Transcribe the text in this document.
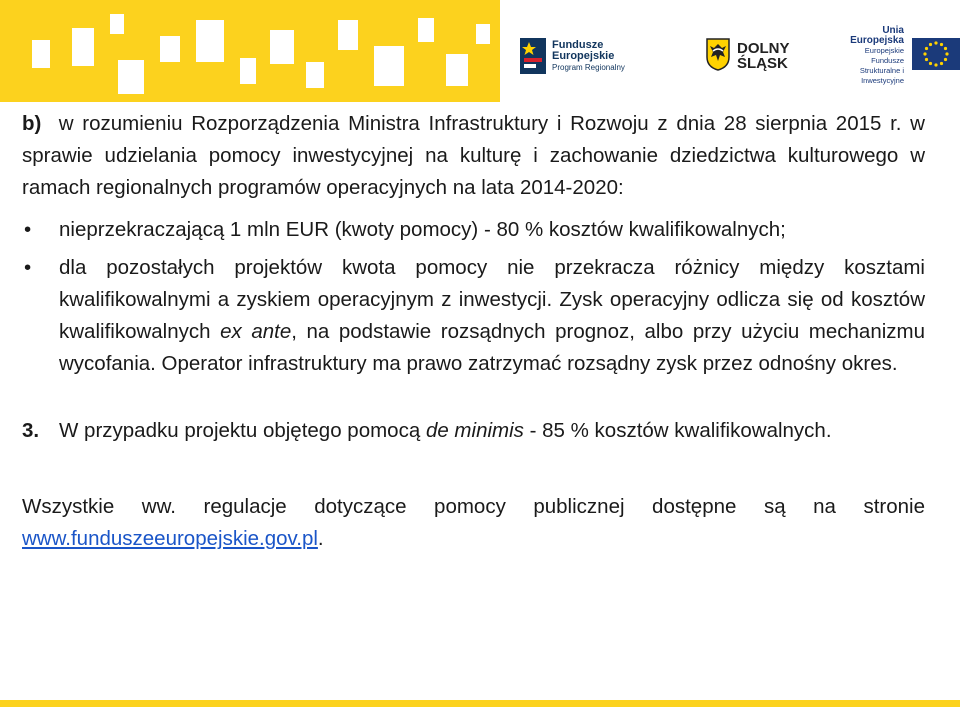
Fundusze
Europejskie
Program Regionalny
DOLNY
ŚLĄSK
Unia Europejska
Europejskie Fundusze
Strukturalne i Inwestycyjne

b) w rozumieniu Rozporządzenia Ministra Infrastruktury i Rozwoju z dnia 28 sierpnia 2015 r. w sprawie udzielania pomocy inwestycyjnej na kulturę i zachowanie dziedzictwa kulturowego w ramach regionalnych programów operacyjnych na lata 2014-2020:

• nieprzekraczającą 1 mln EUR (kwoty pomocy) - 80 % kosztów kwalifikowalnych;
• dla pozostałych projektów kwota pomocy nie przekracza różnicy między kosztami kwalifikowalnymi a zyskiem operacyjnym z inwestycji. Zysk operacyjny odlicza się od kosztów kwalifikowalnych ex ante, na podstawie rozsądnych prognoz, albo przy użyciu mechanizmu wycofania. Operator infrastruktury ma prawo zatrzymać rozsądny zysk przez odnośny okres.
3. W przypadku projektu objętego pomocą de minimis - 85 % kosztów kwalifikowalnych.

Wszystkie ww. regulacje dotyczące pomocy publicznej dostępne są na stronie www.funduszeeuropejskie.gov.pl.
